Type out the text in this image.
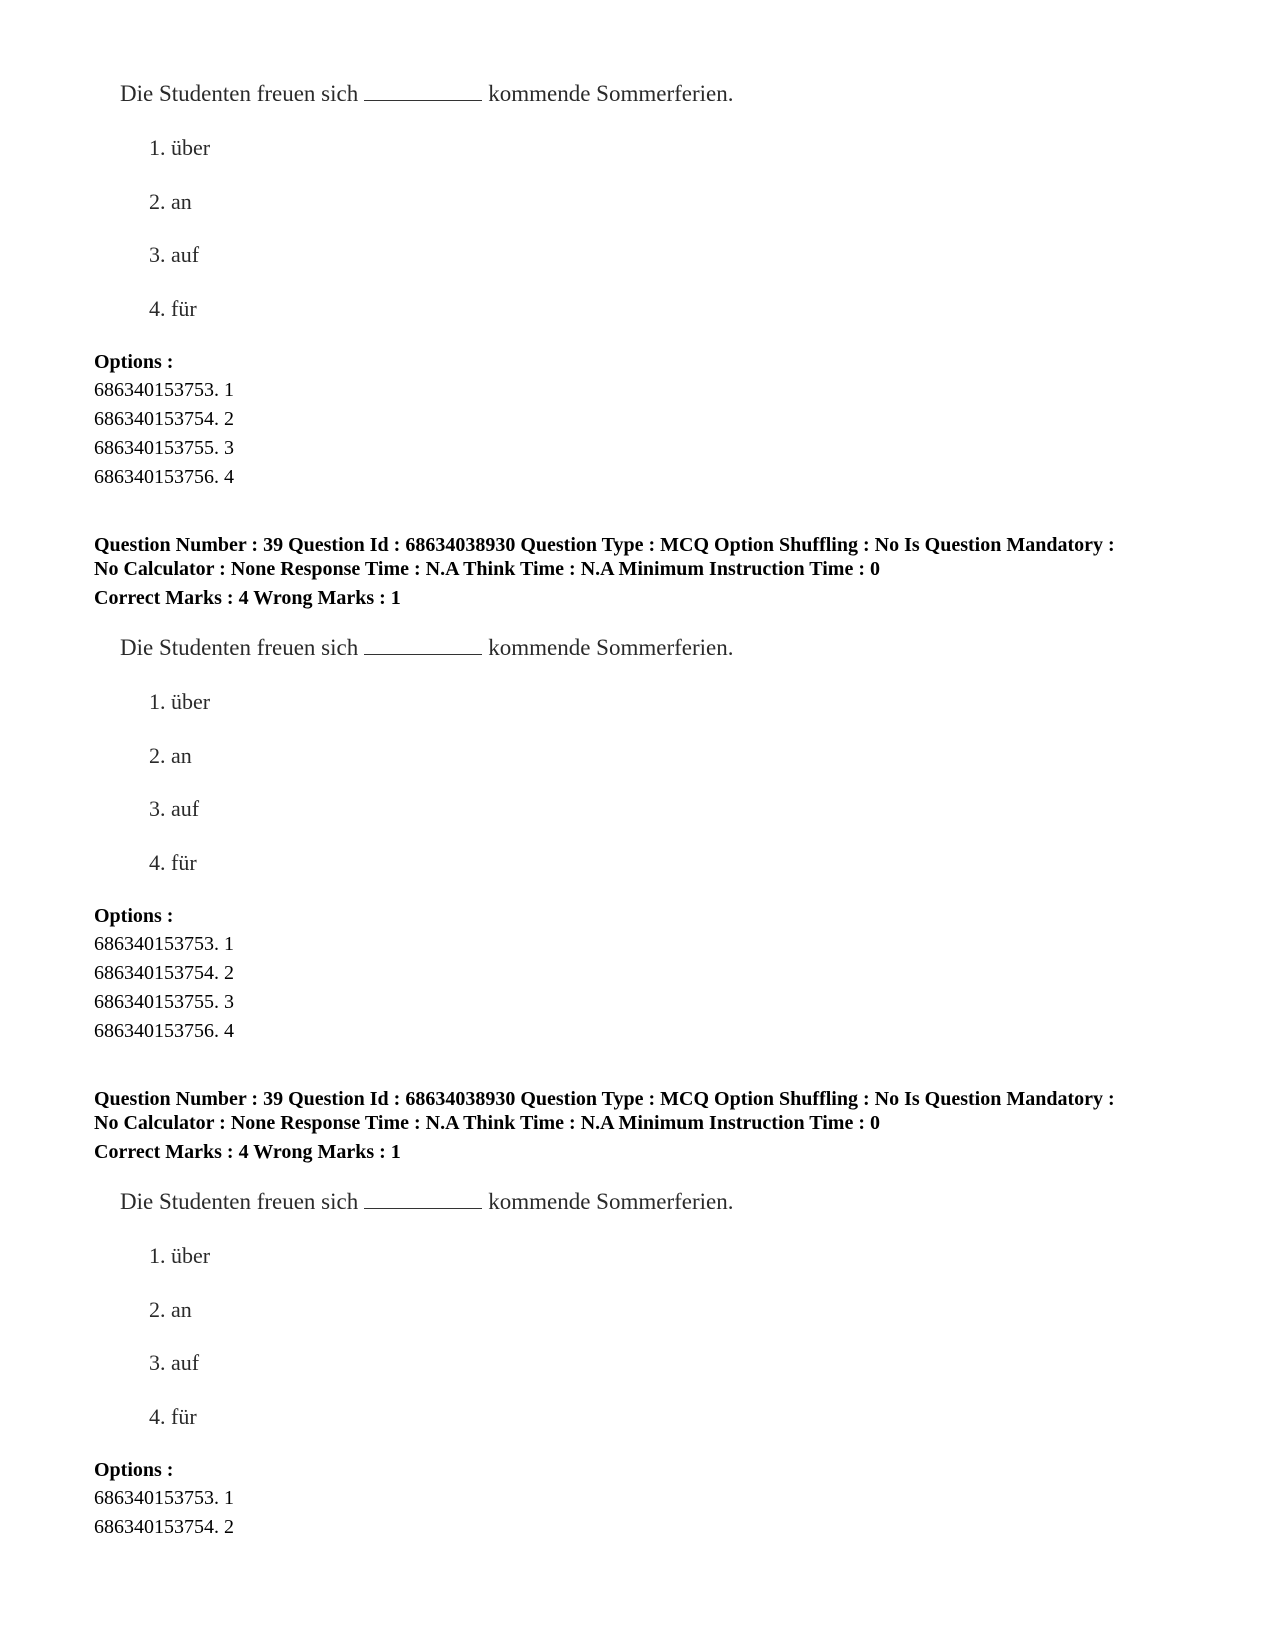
Die Studenten freuen sich	kommende Sommerferien.
1. über
2. an
3. auf
4. für
Options :
686340153753. 1
686340153754. 2
686340153755. 3
686340153756. 4
Question Number : 39 Question Id : 68634038930 Question Type : MCQ Option Shuffling : No Is Question Mandatory :
No Calculator : None Response Time : N.A Think Time : N.A Minimum Instruction Time : 0
Correct Marks : 4 Wrong Marks : 1
Die Studenten freuen sich	kommende Sommerferien.
1. über
2. an
3. auf
4. für
Options :
686340153753. 1
686340153754. 2
686340153755. 3
686340153756. 4
Question Number : 39 Question Id : 68634038930 Question Type : MCQ Option Shuffling : No Is Question Mandatory :
No Calculator : None Response Time : N.A Think Time : N.A Minimum Instruction Time : 0
Correct Marks : 4 Wrong Marks : 1
Die Studenten freuen sich	kommende Sommerferien.
1. über
2. an
3. auf
4. für
Options :
686340153753. 1
686340153754. 2
